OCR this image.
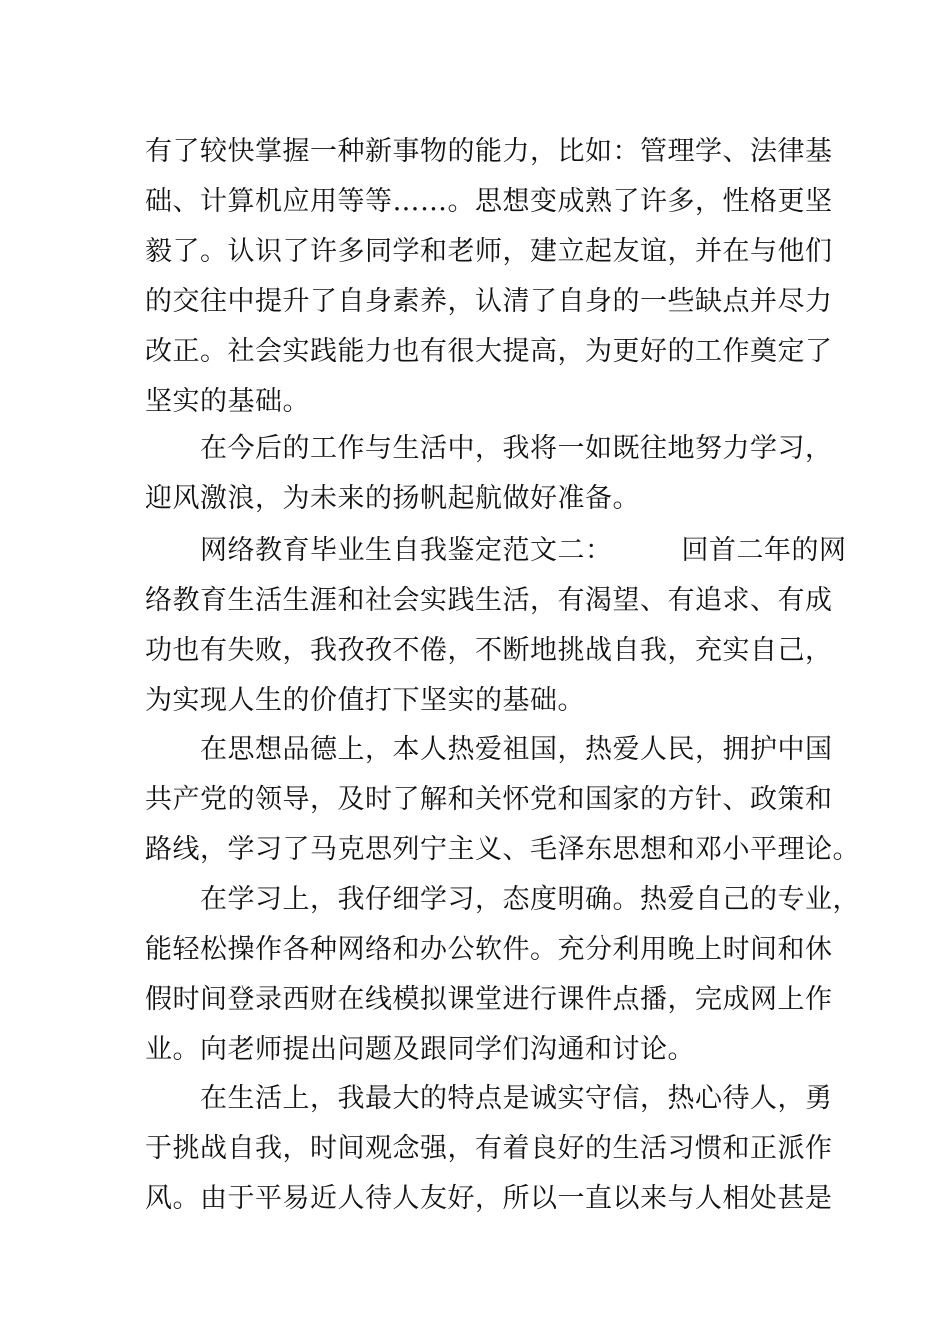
有了较快掌握一种新事物的能力，比如：管理学、法律基
础、计算机应用等等……。思想变成熟了许多，性格更坚
毅了。认识了许多同学和老师，建立起友谊，并在与他们
的交往中提升了自身素养，认清了自身的一些缺点并尽力
改正。社会实践能力也有很大提高，为更好的工作奠定了
坚实的基础。
在今后的工作与生活中，我将一如既往地努力学习，
迎风激浪，为未来的扬帆起航做好准备。
网络教育毕业生自我鉴定范文二：　　　回首二年的网
络教育生活生涯和社会实践生活，有渴望、有追求、有成
功也有失败，我孜孜不倦，不断地挑战自我，充实自己，
为实现人生的价值打下坚实的基础。
在思想品德上，本人热爱祖国，热爱人民，拥护中国
共产党的领导，及时了解和关怀党和国家的方针、政策和
路线，学习了马克思列宁主义、毛泽东思想和邓小平理论。
在学习上，我仔细学习，态度明确。热爱自己的专业，
能轻松操作各种网络和办公软件。充分利用晚上时间和休
假时间登录西财在线模拟课堂进行课件点播，完成网上作
业。向老师提出问题及跟同学们沟通和讨论。
在生活上，我最大的特点是诚实守信，热心待人，勇
于挑战自我，时间观念强，有着良好的生活习惯和正派作
风。由于平易近人待人友好，所以一直以来与人相处甚是
